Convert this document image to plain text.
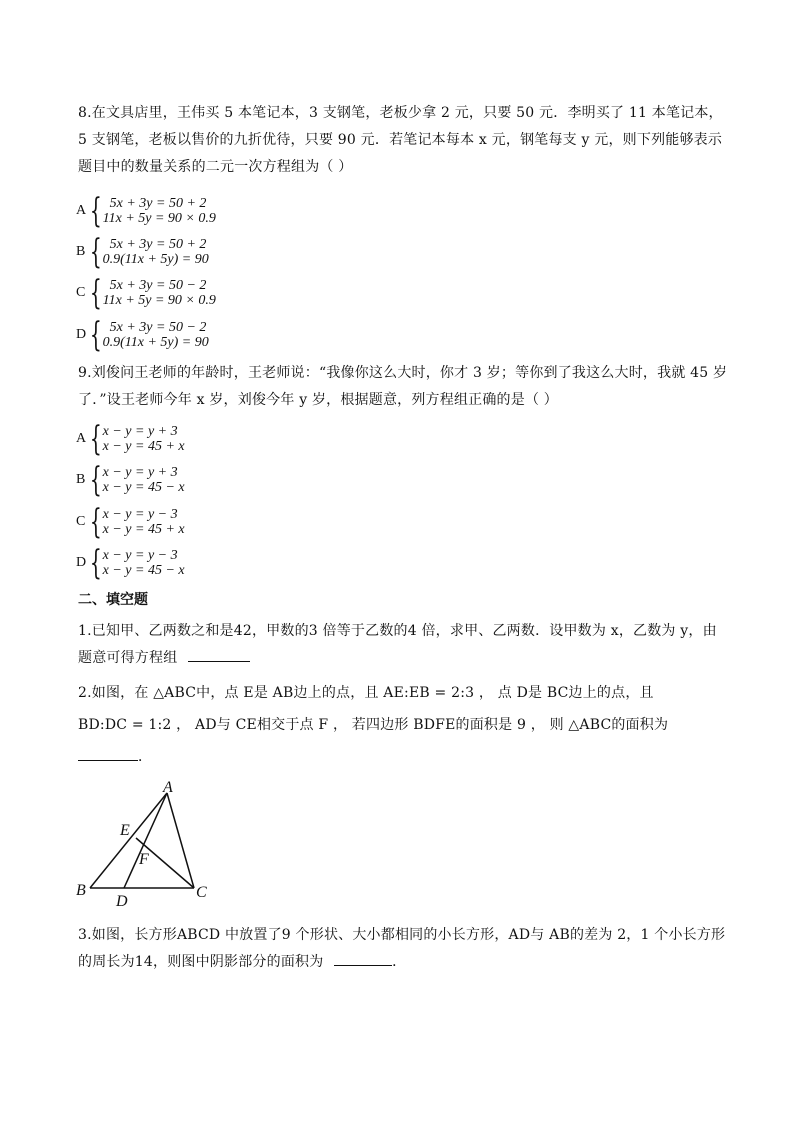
8.在文具店里，王伟买 5 本笔记本，3 支钢笔，老板少拿 2 元，只要 50 元．李明买了 11 本笔记本，5 支钢笔，老板以售价的九折优待，只要 90 元．若笔记本每本 x 元，钢笔每支 y 元，则下列能够表示题目中的数量关系的二元一次方程组为（ ）
A { 5x + 3y = 50 + 2
11x + 5y = 90 × 0.9
B { 5x + 3y = 50 + 2
0.9(11x + 5y) = 90
C { 5x + 3y = 50 − 2
11x + 5y = 90 × 0.9
D { 5x + 3y = 50 − 2
0.9(11x + 5y) = 90
9.刘俊问王老师的年龄时，王老师说：“我像你这么大时，你才 3 岁；等你到了我这么大时，我就 45 岁了．”设王老师今年 x 岁，刘俊今年 y 岁，根据题意，列方程组正确的是（ ）
A { x − y = y + 3
x − y = 45 + x
B { x − y = y + 3
x − y = 45 − x
C { x − y = y − 3
x − y = 45 + x
D { x − y = y − 3
x − y = 45 − x
二、填空题
1.已知甲、乙两数之和是42，甲数的3 倍等于乙数的4 倍，求甲、乙两数．设甲数为 x，乙数为 y，由题意可得方程组
2.如图，在 △ABC中，点 E是 AB边上的点，且 AE:EB = 2:3 ， 点 D是 BC边上的点，且
BD:DC = 1:2 ， AD与 CE相交于点 F ， 若四边形 BDFE的面积是 9 ， 则 △ABC的面积为
．
A
B	C
D
E
F
3.如图，长方形ABCD 中放置了9 个形状、大小都相同的小长方形，AD与 AB的差为 2，1 个小长方形的周长为14，则图中阴影部分的面积为	．
